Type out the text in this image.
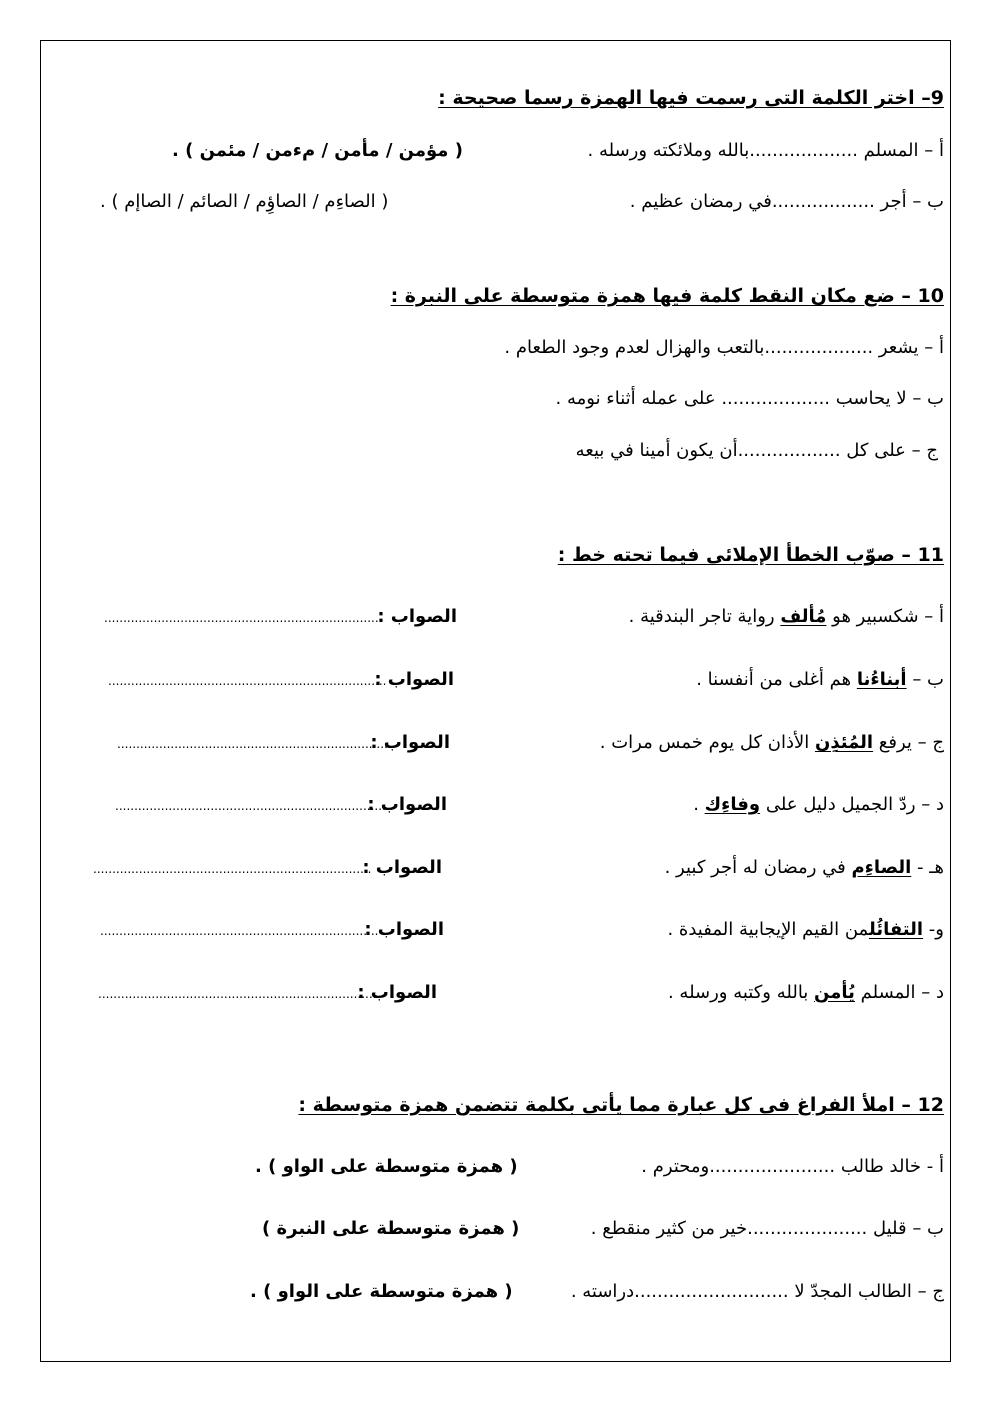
9– اختر الكلمة التى رسمت فيها الهمزة رسما صحيحة :
أ – المسلم ...................بالله وملائكته ورسله .
( مؤمن / مأمن / مءمن / مئمن ) .
ب – أجر ..................في رمضان عظيم .
( الصاءِم / الصاؤِم / الصائم / الصاإم ) .
10 – ضع مكان النقط كلمة فيها همزة متوسطة على النبرة :
أ – يشعر ...................بالتعب والهزال لعدم وجود الطعام .
ب – لا يحاسب ................... على عمله أثناء نومه .
ج – على كل ..................أن يكون أمينا في بيعه
11 – صوّب الخطأ الإملائى فيما تحته خط :
أ – شكسبير هو مُألف رواية تاجر البندقية .
الصواب :
.........................................................................
ب – أبناءُنا هم أغلى من أنفسنا .
الصواب :
.........................................................................
ج – يرفع المُئذِن الأذان كل يوم خمس مرات .
الصواب :
.........................................................................
د – ردّ الجميل دليل على وفاءِك .
الصواب :
.........................................................................
هـ - الصاءِم في رمضان له أجر كبير .
الصواب :
.........................................................................
و- التفائُلمن القيم الإيجابية المفيدة .
الصواب :
.........................................................................
د – المسلم يُأمن بالله وكتبه ورسله .
الصواب :
.........................................................................
12 – املأ الفراغ فى كل عبارة مما يأتى بكلمة تتضمن همزة متوسطة :
أ - خالد طالب ......................ومحترم .
( همزة متوسطة على الواو ) .
ب – قليل .....................خير من كثير منقطع .
( همزة متوسطة على النبرة )
ج – الطالب المجدّ لا ...........................دراسته .
( همزة متوسطة على الواو ) .
